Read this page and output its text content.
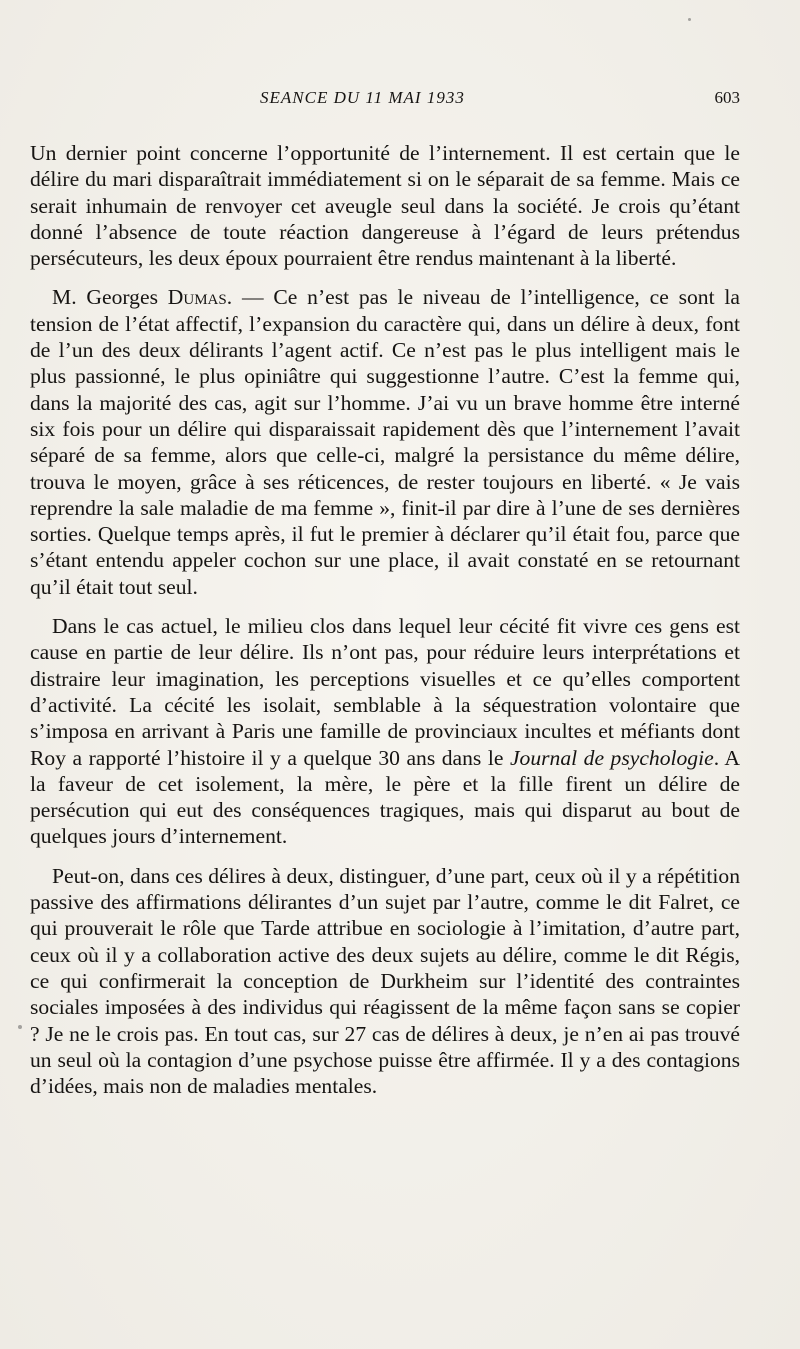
SEANCE DU 11 MAI 1933	603

Un dernier point concerne l’opportunité de l’internement. Il est certain que le délire du mari disparaîtrait immédiatement si on le séparait de sa femme. Mais ce serait inhumain de renvoyer cet aveugle seul dans la société. Je crois qu’étant donné l’absence de toute réaction dangereuse à l’égard de leurs prétendus persécuteurs, les deux époux pourraient être rendus maintenant à la liberté.

M. Georges Dumas. — Ce n’est pas le niveau de l’intelligence, ce sont la tension de l’état affectif, l’expansion du caractère qui, dans un délire à deux, font de l’un des deux délirants l’agent actif. Ce n’est pas le plus intelligent mais le plus passionné, le plus opiniâtre qui suggestionne l’autre. C’est la femme qui, dans la majorité des cas, agit sur l’homme. J’ai vu un brave homme être interné six fois pour un délire qui disparaissait rapidement dès que l’internement l’avait séparé de sa femme, alors que celle-ci, malgré la persistance du même délire, trouva le moyen, grâce à ses réticences, de rester toujours en liberté. « Je vais reprendre la sale maladie de ma femme », finit-il par dire à l’une de ses dernières sorties. Quelque temps après, il fut le premier à déclarer qu’il était fou, parce que s’étant entendu appeler cochon sur une place, il avait constaté en se retournant qu’il était tout seul.

Dans le cas actuel, le milieu clos dans lequel leur cécité fit vivre ces gens est cause en partie de leur délire. Ils n’ont pas, pour réduire leurs interprétations et distraire leur imagination, les perceptions visuelles et ce qu’elles comportent d’activité. La cécité les isolait, semblable à la séquestration volontaire que s’imposa en arrivant à Paris une famille de provinciaux incultes et méfiants dont Roy a rapporté l’histoire il y a quelque 30 ans dans le Journal de psychologie. A la faveur de cet isolement, la mère, le père et la fille firent un délire de persécution qui eut des conséquences tragiques, mais qui disparut au bout de quelques jours d’internement.

Peut-on, dans ces délires à deux, distinguer, d’une part, ceux où il y a répétition passive des affirmations délirantes d’un sujet par l’autre, comme le dit Falret, ce qui prouverait le rôle que Tarde attribue en sociologie à l’imitation, d’autre part, ceux où il y a collaboration active des deux sujets au délire, comme le dit Régis, ce qui confirmerait la conception de Durkheim sur l’identité des contraintes sociales imposées à des individus qui réagissent de la même façon sans se copier ? Je ne le crois pas. En tout cas, sur 27 cas de délires à deux, je n’en ai pas trouvé un seul où la contagion d’une psychose puisse être affirmée. Il y a des contagions d’idées, mais non de maladies mentales.
